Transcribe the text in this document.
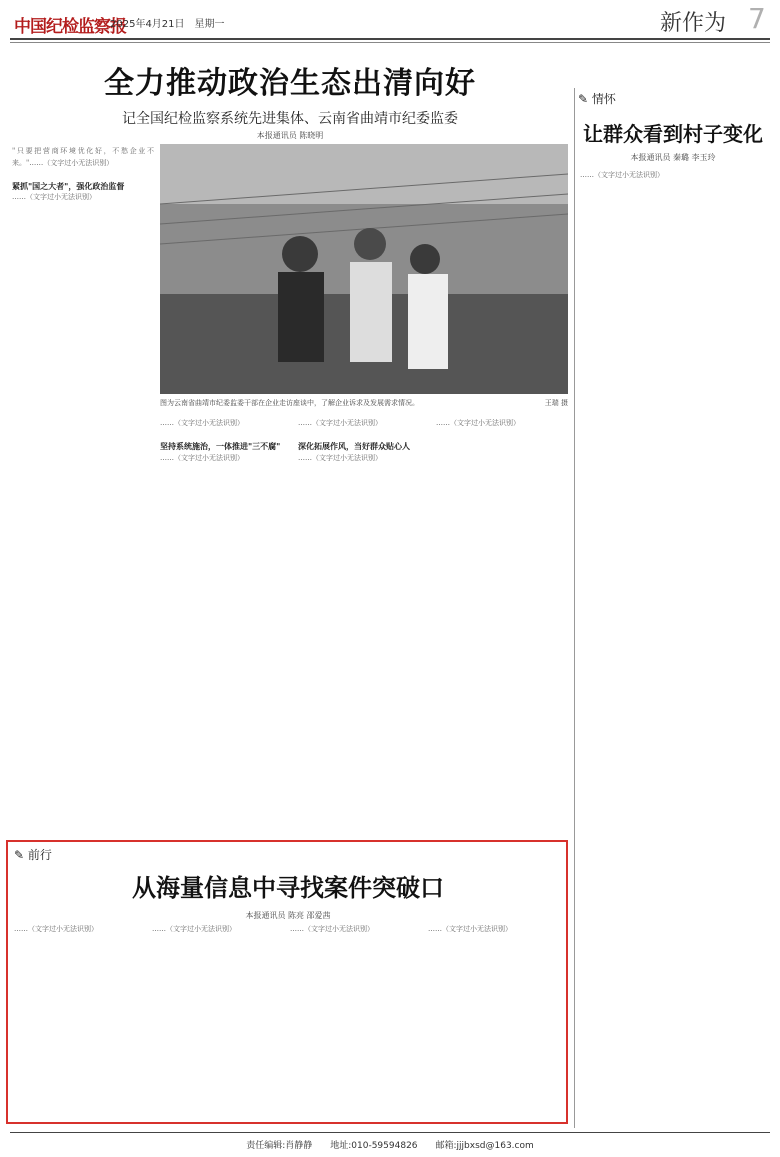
中国纪检监察报
2025年4月21日　星期一	新作为 7
全力推动政治生态出清向好
记全国纪检监察系统先进集体、云南省曲靖市纪委监委
本报通讯员 陈晓明
"只要把营商环境优化好，不愁企业不来。"……（文字过小无法识别）

紧抓"国之大者"，强化政治监督
……（文字过小无法识别）
图为云南省曲靖市纪委监委干部在企业走访座谈中，了解企业诉求及发展需求情况。	王瑞 摄
……（文字过小无法识别）

坚持系统施治，一体推进"三不腐"
……（文字过小无法识别）
……（文字过小无法识别）

深化拓展作风，当好群众贴心人
……（文字过小无法识别）
……（文字过小无法识别）
✎ 情怀
让群众看到村子变化
本报通讯员 秦璐 李玉玲
……（文字过小无法识别）
✎ 前行
从海量信息中寻找案件突破口
本报通讯员 陈亮 邵爱茜
……（文字过小无法识别）	……（文字过小无法识别）	……（文字过小无法识别）	……（文字过小无法识别）
责任编辑:肖静静　　地址:010-59594826　　邮箱:jjjbxsd@163.com
